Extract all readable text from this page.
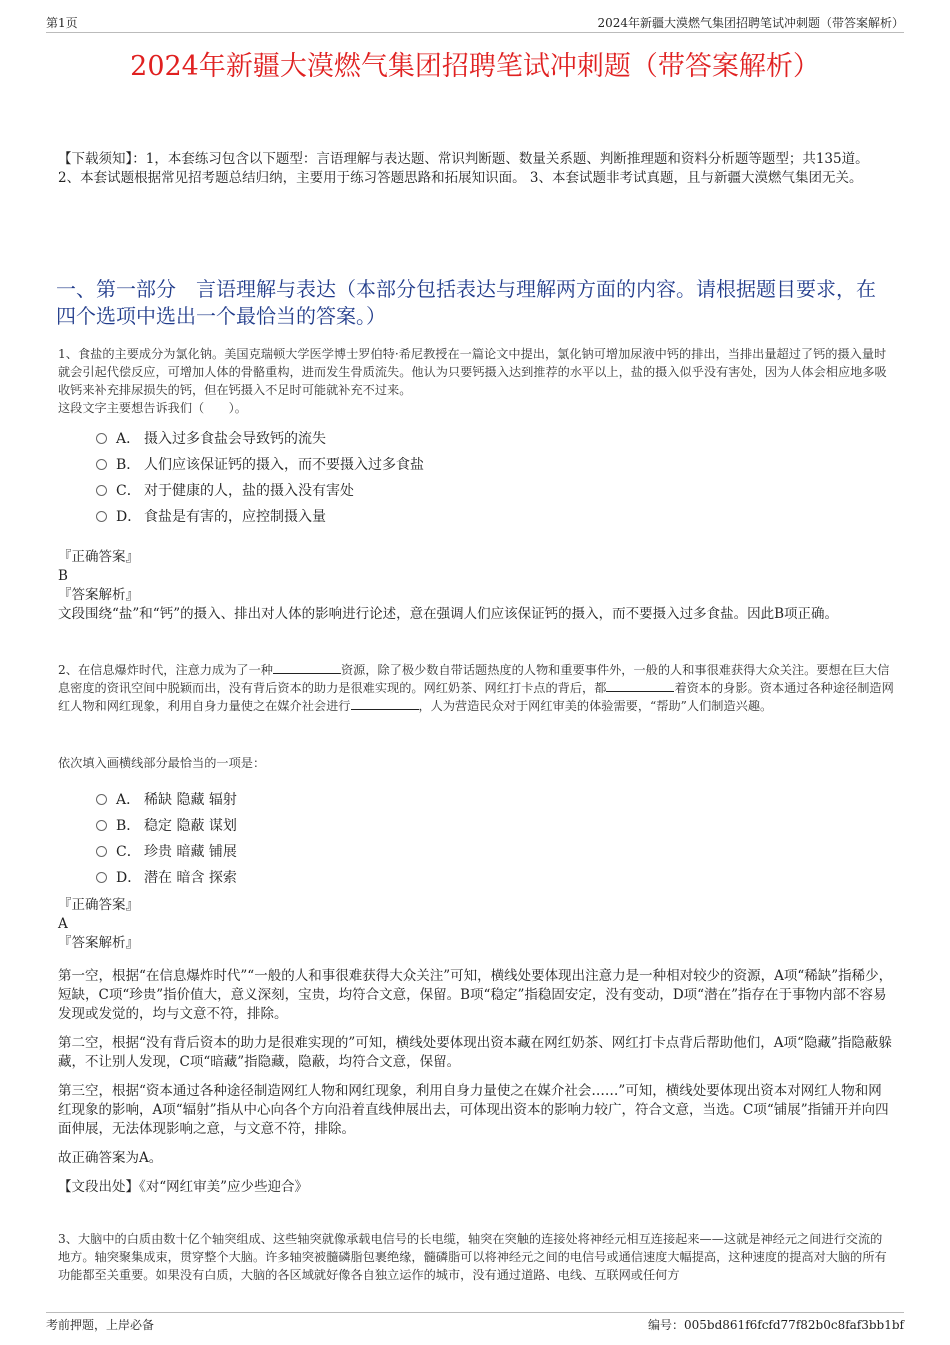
第1页	2024年新疆大漠燃气集团招聘笔试冲刺题（带答案解析）
2024年新疆大漠燃气集团招聘笔试冲刺题（带答案解析）
【下载须知】：1，本套练习包含以下题型：言语理解与表达题、常识判断题、数量关系题、判断推理题和资料分析题等题型；共135道。 2、本套试题根据常见招考题总结归纳，主要用于练习答题思路和拓展知识面。 3、本套试题非考试真题，且与新疆大漠燃气集团无关。
一、第一部分　言语理解与表达（本部分包括表达与理解两方面的内容。请根据题目要求，在四个选项中选出一个最恰当的答案。）
1、食盐的主要成分为氯化钠。美国克瑞顿大学医学博士罗伯特·希尼教授在一篇论文中提出，氯化钠可增加尿液中钙的排出，当排出量超过了钙的摄入量时就会引起代偿反应，可增加人体的骨骼重构，进而发生骨质流失。他认为只要钙摄入达到推荐的水平以上，盐的摄入似乎没有害处，因为人体会相应地多吸收钙来补充排尿损失的钙，但在钙摄入不足时可能就补充不过来。
这段文字主要想告诉我们（　　）。
A． 摄入过多食盐会导致钙的流失
B． 人们应该保证钙的摄入，而不要摄入过多食盐
C． 对于健康的人，盐的摄入没有害处
D． 食盐是有害的，应控制摄入量
『正确答案』
B
『答案解析』
文段围绕“盐”和“钙”的摄入、排出对人体的影响进行论述，意在强调人们应该保证钙的摄入，而不要摄入过多食盐。因此B项正确。
2、在信息爆炸时代，注意力成为了一种	资源，除了极少数自带话题热度的人物和重要事件外，一般的人和事很难获得大众关注。要想在巨大信息密度的资讯空间中脱颖而出，没有背后资本的助力是很难实现的。网红奶茶、网红打卡点的背后，都	着资本的身影。资本通过各种途径制造网红人物和网红现象，利用自身力量使之在媒介社会进行	，人为营造民众对于网红审美的体验需要，“帮助”人们制造兴趣。
依次填入画横线部分最恰当的一项是：
A． 稀缺 隐藏 辐射
B． 稳定 隐蔽 谋划
C． 珍贵 暗藏 铺展
D． 潜在 暗含 探索
『正确答案』
A
『答案解析』

第一空，根据“在信息爆炸时代”“一般的人和事很难获得大众关注”可知，横线处要体现出注意力是一种相对较少的资源，A项“稀缺”指稀少，短缺，C项“珍贵”指价值大，意义深刻，宝贵，均符合文意，保留。B项“稳定”指稳固安定，没有变动，D项“潜在”指存在于事物内部不容易发现或发觉的，均与文意不符，排除。

第二空，根据“没有背后资本的助力是很难实现的”可知，横线处要体现出资本藏在网红奶茶、网红打卡点背后帮助他们，A项“隐藏”指隐蔽躲藏，不让别人发现，C项“暗藏”指隐藏，隐蔽，均符合文意，保留。

第三空，根据“资本通过各种途径制造网红人物和网红现象，利用自身力量使之在媒介社会……”可知，横线处要体现出资本对网红人物和网红现象的影响，A项“辐射”指从中心向各个方向沿着直线伸展出去，可体现出资本的影响力较广，符合文意，当选。C项“铺展”指铺开并向四面伸展，无法体现影响之意，与文意不符，排除。

故正确答案为A。

【文段出处】《对“网红审美”应少些迎合》

3、大脑中的白质由数十亿个轴突组成、这些轴突就像承载电信号的长电缆，轴突在突触的连接处将神经元相互连接起来——这就是神经元之间进行交流的地方。轴突聚集成束，贯穿整个大脑。许多轴突被髓磷脂包裹绝缘，髓磷脂可以将神经元之间的电信号或通信速度大幅提高，这种速度的提高对大脑的所有功能都至关重要。如果没有白质，大脑的各区域就好像各自独立运作的城市，没有通过道路、电线、互联网或任何方
考前押题，上岸必备	编号：005bd861f6fcfd77f82b0c8faf3bb1bf
